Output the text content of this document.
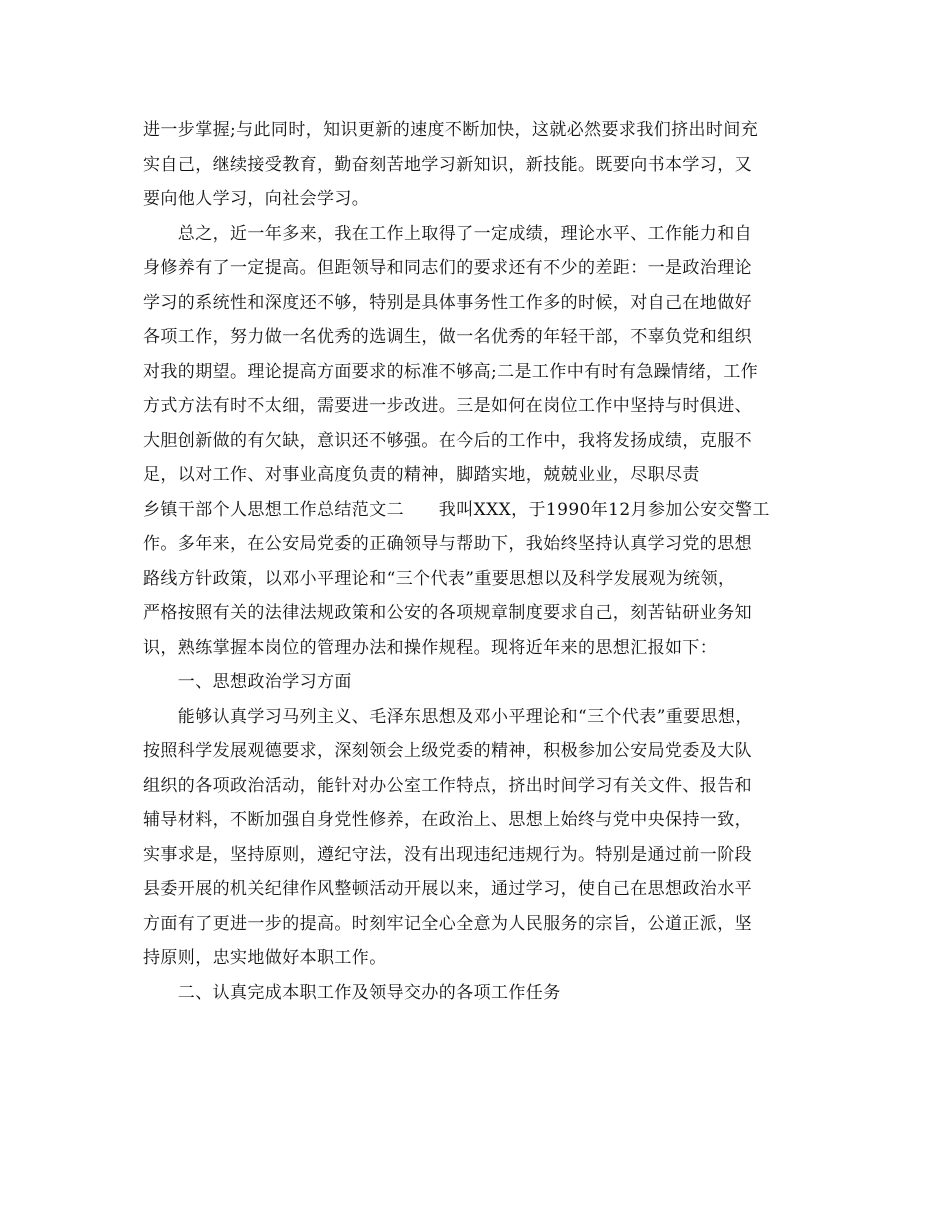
进一步掌握;与此同时，知识更新的速度不断加快，这就必然要求我们挤出时间充
实自己，继续接受教育，勤奋刻苦地学习新知识，新技能。既要向书本学习，又
要向他人学习，向社会学习。
　　总之，近一年多来，我在工作上取得了一定成绩，理论水平、工作能力和自
身修养有了一定提高。但距领导和同志们的要求还有不少的差距：一是政治理论
学习的系统性和深度还不够，特别是具体事务性工作多的时候，对自己在地做好
各项工作，努力做一名优秀的选调生，做一名优秀的年轻干部，不辜负党和组织
对我的期望。理论提高方面要求的标准不够高;二是工作中有时有急躁情绪，工作
方式方法有时不太细，需要进一步改进。三是如何在岗位工作中坚持与时俱进、
大胆创新做的有欠缺，意识还不够强。在今后的工作中，我将发扬成绩，克服不
足，以对工作、对事业高度负责的精神，脚踏实地，兢兢业业，尽职尽责
乡镇干部个人思想工作总结范文二　　我叫XXX，于1990年12月参加公安交警工
作。多年来，在公安局党委的正确领导与帮助下，我始终坚持认真学习党的思想
路线方针政策，以邓小平理论和“三个代表”重要思想以及科学发展观为统领，
严格按照有关的法律法规政策和公安的各项规章制度要求自己，刻苦钻研业务知
识，熟练掌握本岗位的管理办法和操作规程。现将近年来的思想汇报如下：
　　一、思想政治学习方面
　　能够认真学习马列主义、毛泽东思想及邓小平理论和“三个代表”重要思想，
按照科学发展观德要求，深刻领会上级党委的精神，积极参加公安局党委及大队
组织的各项政治活动，能针对办公室工作特点，挤出时间学习有关文件、报告和
辅导材料，不断加强自身党性修养，在政治上、思想上始终与党中央保持一致，
实事求是，坚持原则，遵纪守法，没有出现违纪违规行为。特别是通过前一阶段
县委开展的机关纪律作风整顿活动开展以来，通过学习，使自己在思想政治水平
方面有了更进一步的提高。时刻牢记全心全意为人民服务的宗旨，公道正派，坚
持原则，忠实地做好本职工作。
　　二、认真完成本职工作及领导交办的各项工作任务
